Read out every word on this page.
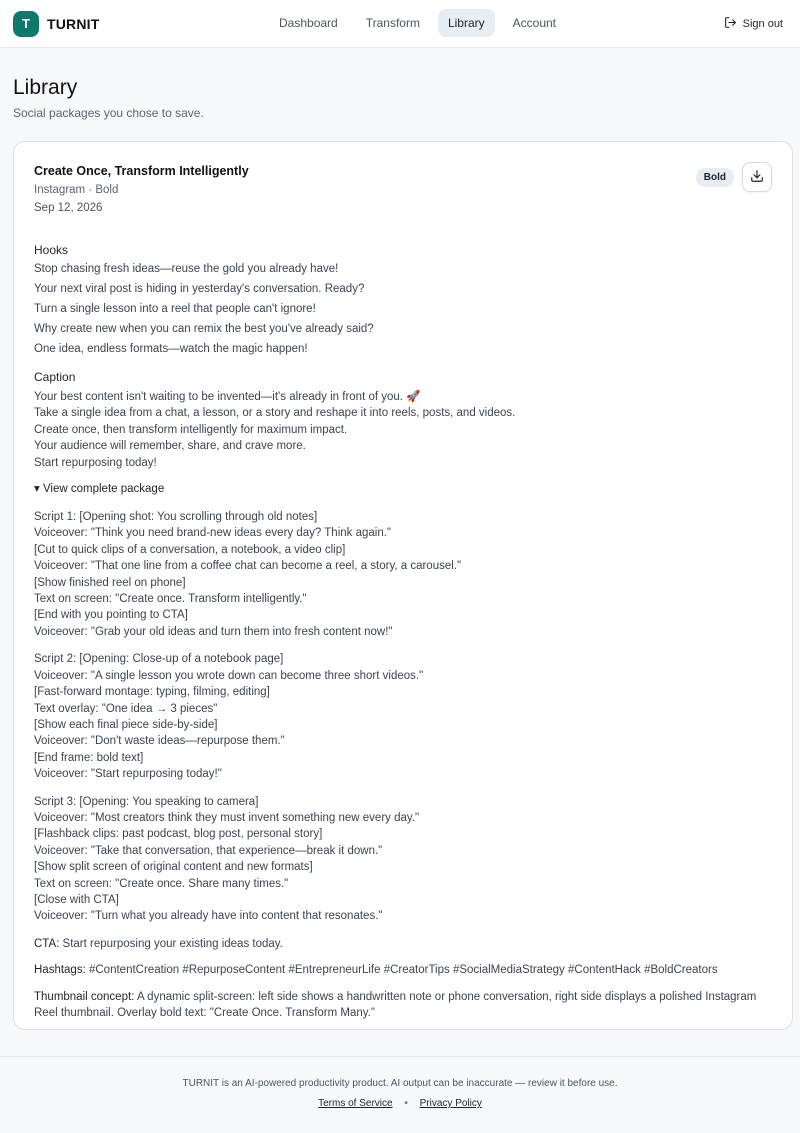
T	TURNIT	Dashboard	Transform	Library	Account	Sign out
Library

Social packages you chose to save.

Create Once, Transform Intelligently
Instagram · Bold
Sep 12, 2026
Bold
Hooks
Stop chasing fresh ideas—reuse the gold you already have!
Your next viral post is hiding in yesterday's conversation. Ready?
Turn a single lesson into a reel that people can't ignore!
Why create new when you can remix the best you've already said?
One idea, endless formats—watch the magic happen!
Caption
Your best content isn't waiting to be invented—it's already in front of you. 🚀
Take a single idea from a chat, a lesson, or a story and reshape it into reels, posts, and videos.
Create once, then transform intelligently for maximum impact.
Your audience will remember, share, and crave more.
Start repurposing today!
▾ View complete package
Script 1: [Opening shot: You scrolling through old notes]
Voiceover: "Think you need brand-new ideas every day? Think again."
[Cut to quick clips of a conversation, a notebook, a video clip]
Voiceover: "That one line from a coffee chat can become a reel, a story, a carousel."
[Show finished reel on phone]
Text on screen: "Create once. Transform intelligently."
[End with you pointing to CTA]
Voiceover: "Grab your old ideas and turn them into fresh content now!"
Script 2: [Opening: Close-up of a notebook page]
Voiceover: "A single lesson you wrote down can become three short videos."
[Fast-forward montage: typing, filming, editing]
Text overlay: "One idea → 3 pieces"
[Show each final piece side-by-side]
Voiceover: "Don't waste ideas—repurpose them."
[End frame: bold text]
Voiceover: "Start repurposing today!"
Script 3: [Opening: You speaking to camera]
Voiceover: "Most creators think they must invent something new every day."
[Flashback clips: past podcast, blog post, personal story]
Voiceover: "Take that conversation, that experience—break it down."
[Show split screen of original content and new formats]
Text on screen: "Create once. Share many times."
[Close with CTA]
Voiceover: "Turn what you already have into content that resonates."
CTA: Start repurposing your existing ideas today.
Hashtags: #ContentCreation #RepurposeContent #EntrepreneurLife #CreatorTips #SocialMediaStrategy #ContentHack #BoldCreators
Thumbnail concept: A dynamic split-screen: left side shows a handwritten note or phone conversation, right side displays a polished Instagram Reel thumbnail. Overlay bold text: "Create Once. Transform Many."
TURNIT is an AI-powered productivity product. AI output can be inaccurate — review it before use.
Terms of Service • Privacy Policy
